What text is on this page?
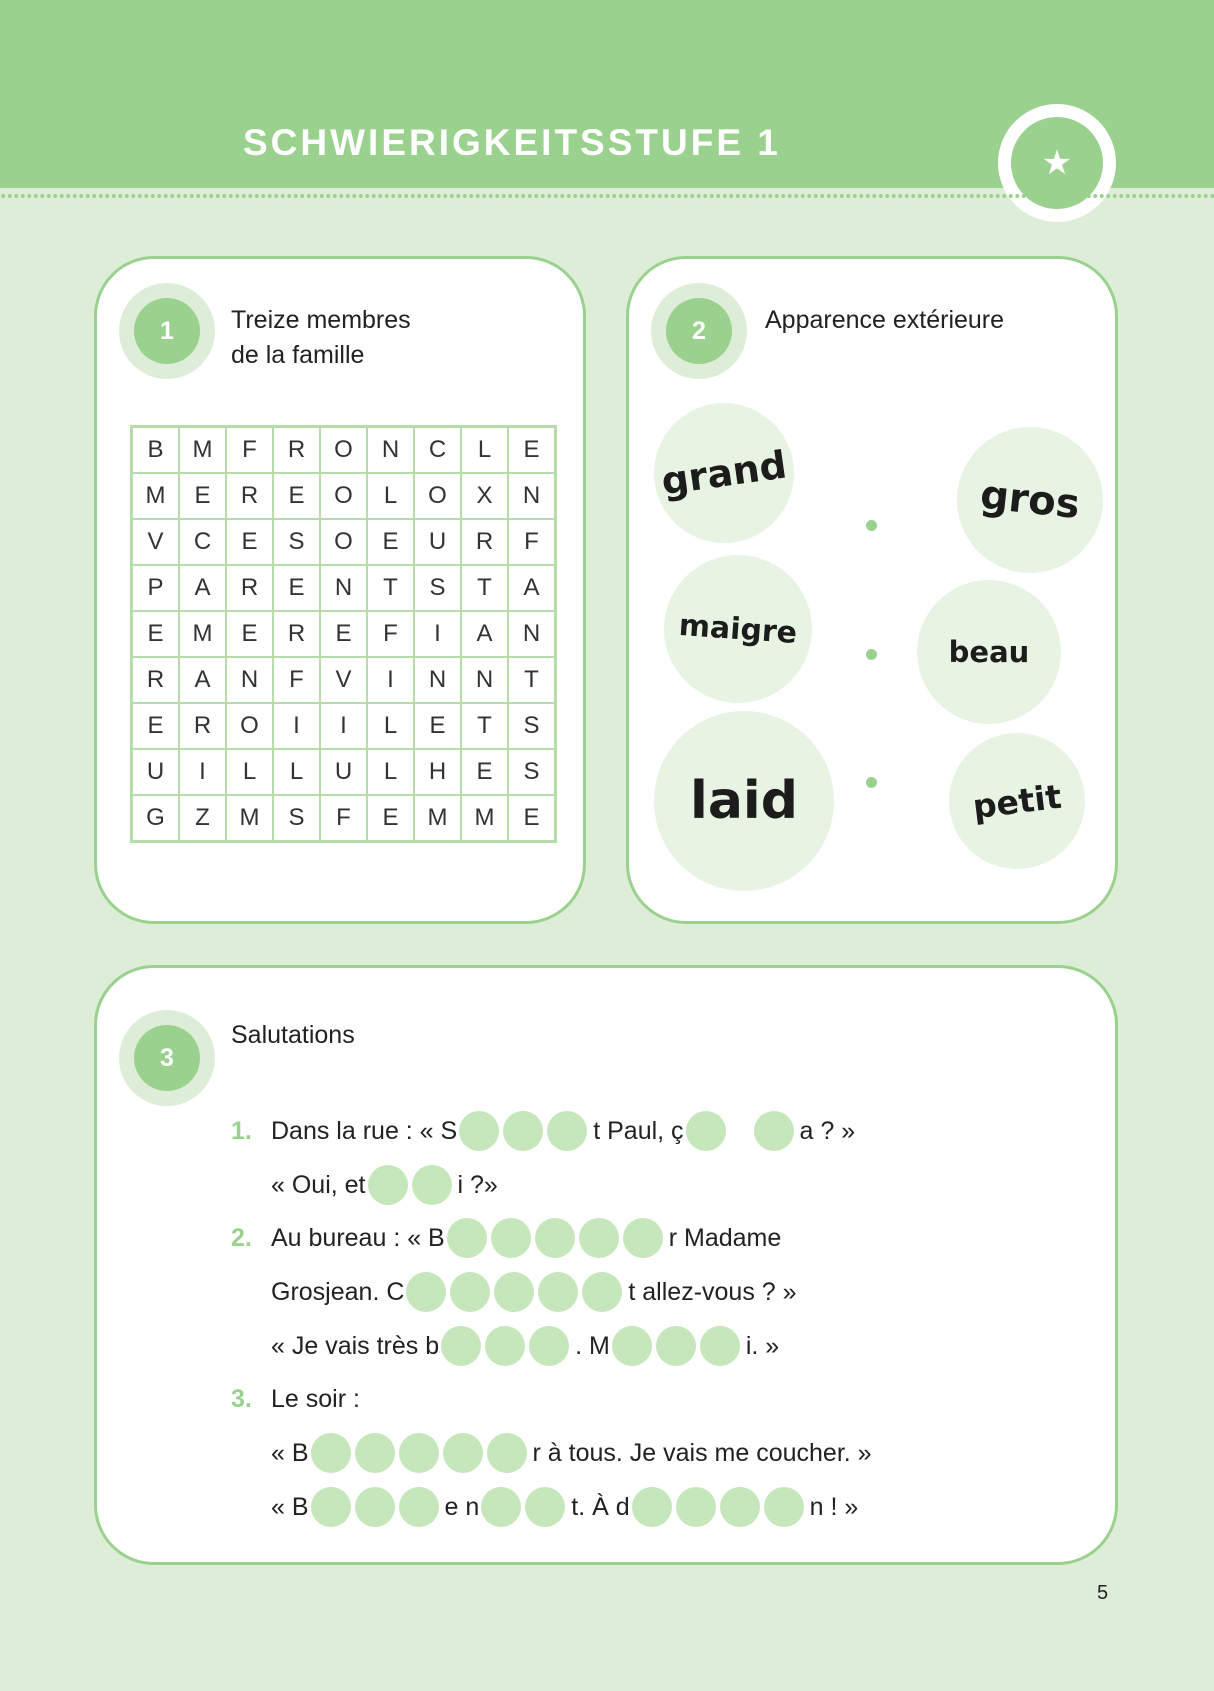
SCHWIERIGKEITSSTUFE 1	★
1	Treize membres
de la famille
B	M	F	R	O	N	C	L	E
M	E	R	E	O	L	O	X	N
V	C	E	S	O	E	U	R	F
P	A	R	E	N	T	S	T	A
E	M	E	R	E	F	I	A	N
R	A	N	F	V	I	N	N	T
E	R	O	I	I	L	E	T	S
U	I	L	L	U	L	H	E	S
G	Z	M	S	F	E	M	M	E
2	Apparence extérieure
grand
maigre
laid
gros
beau
petit
3
Salutations
1. Dans la rue : « S	t Paul, ç	a ? »
« Oui, et	i ?»
2. Au bureau : « B	r Madame
Grosjean. C	t allez-vous ? »
« Je vais très b	. M	i. »
3. Le soir :
« B	r à tous. Je vais me coucher. »
« B	e n	t. À d	n ! »
5
